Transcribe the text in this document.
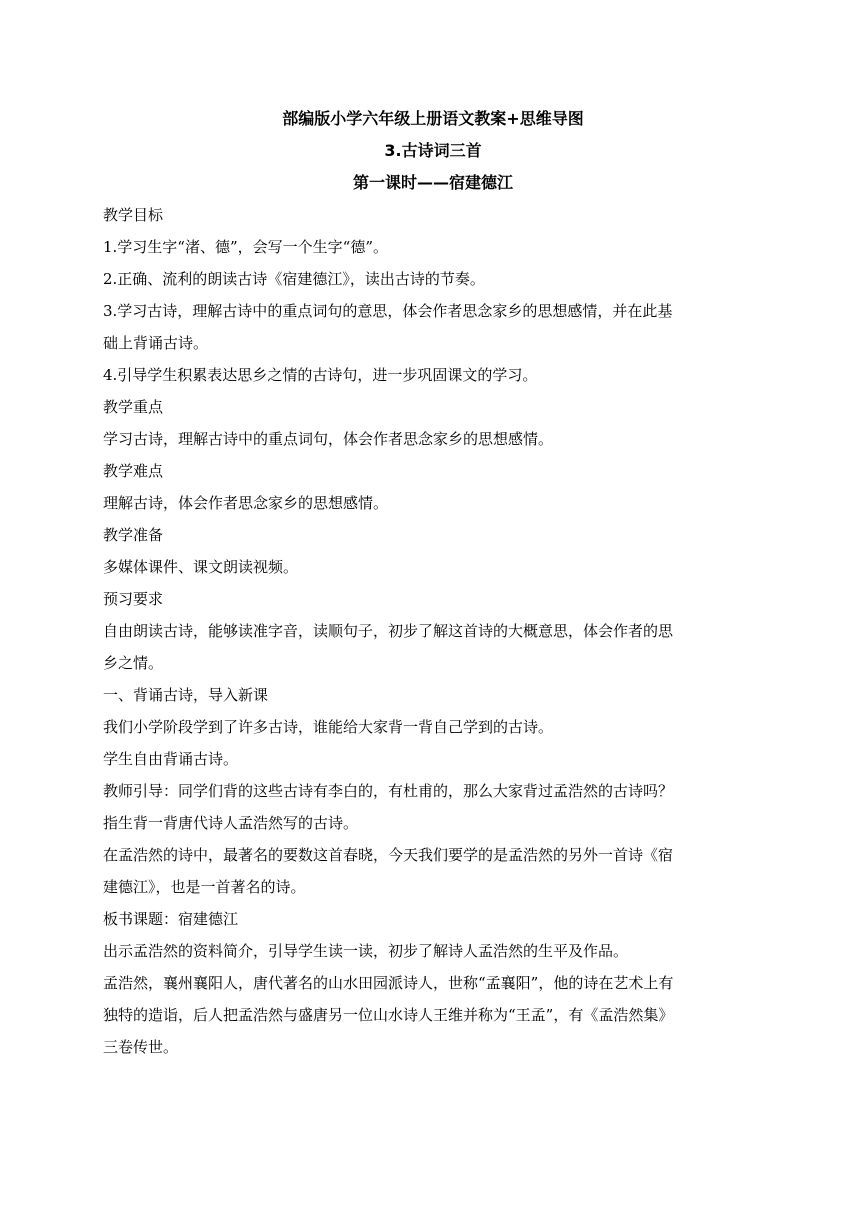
部编版小学六年级上册语文教案+思维导图
3.古诗词三首
第一课时——宿建德江
教学目标
1.学习生字“渚、德”，会写一个生字“德”。
2.正确、流利的朗读古诗《宿建德江》，读出古诗的节奏。
3.学习古诗，理解古诗中的重点词句的意思，体会作者思念家乡的思想感情，并在此基
础上背诵古诗。
4.引导学生积累表达思乡之情的古诗句，进一步巩固课文的学习。
教学重点
学习古诗，理解古诗中的重点词句，体会作者思念家乡的思想感情。
教学难点
理解古诗，体会作者思念家乡的思想感情。
教学准备
多媒体课件、课文朗读视频。
预习要求
自由朗读古诗，能够读准字音，读顺句子，初步了解这首诗的大概意思，体会作者的思
乡之情。
一、背诵古诗，导入新课
我们小学阶段学到了许多古诗，谁能给大家背一背自己学到的古诗。
学生自由背诵古诗。
教师引导：同学们背的这些古诗有李白的，有杜甫的，那么大家背过孟浩然的古诗吗？
指生背一背唐代诗人孟浩然写的古诗。
在孟浩然的诗中，最著名的要数这首春晓，今天我们要学的是孟浩然的另外一首诗《宿
建德江》，也是一首著名的诗。
板书课题：宿建德江
出示孟浩然的资料简介，引导学生读一读，初步了解诗人孟浩然的生平及作品。
孟浩然，襄州襄阳人，唐代著名的山水田园派诗人，世称“孟襄阳”，他的诗在艺术上有
独特的造诣，后人把孟浩然与盛唐另一位山水诗人王维并称为“王孟”，有《孟浩然集》
三卷传世。
